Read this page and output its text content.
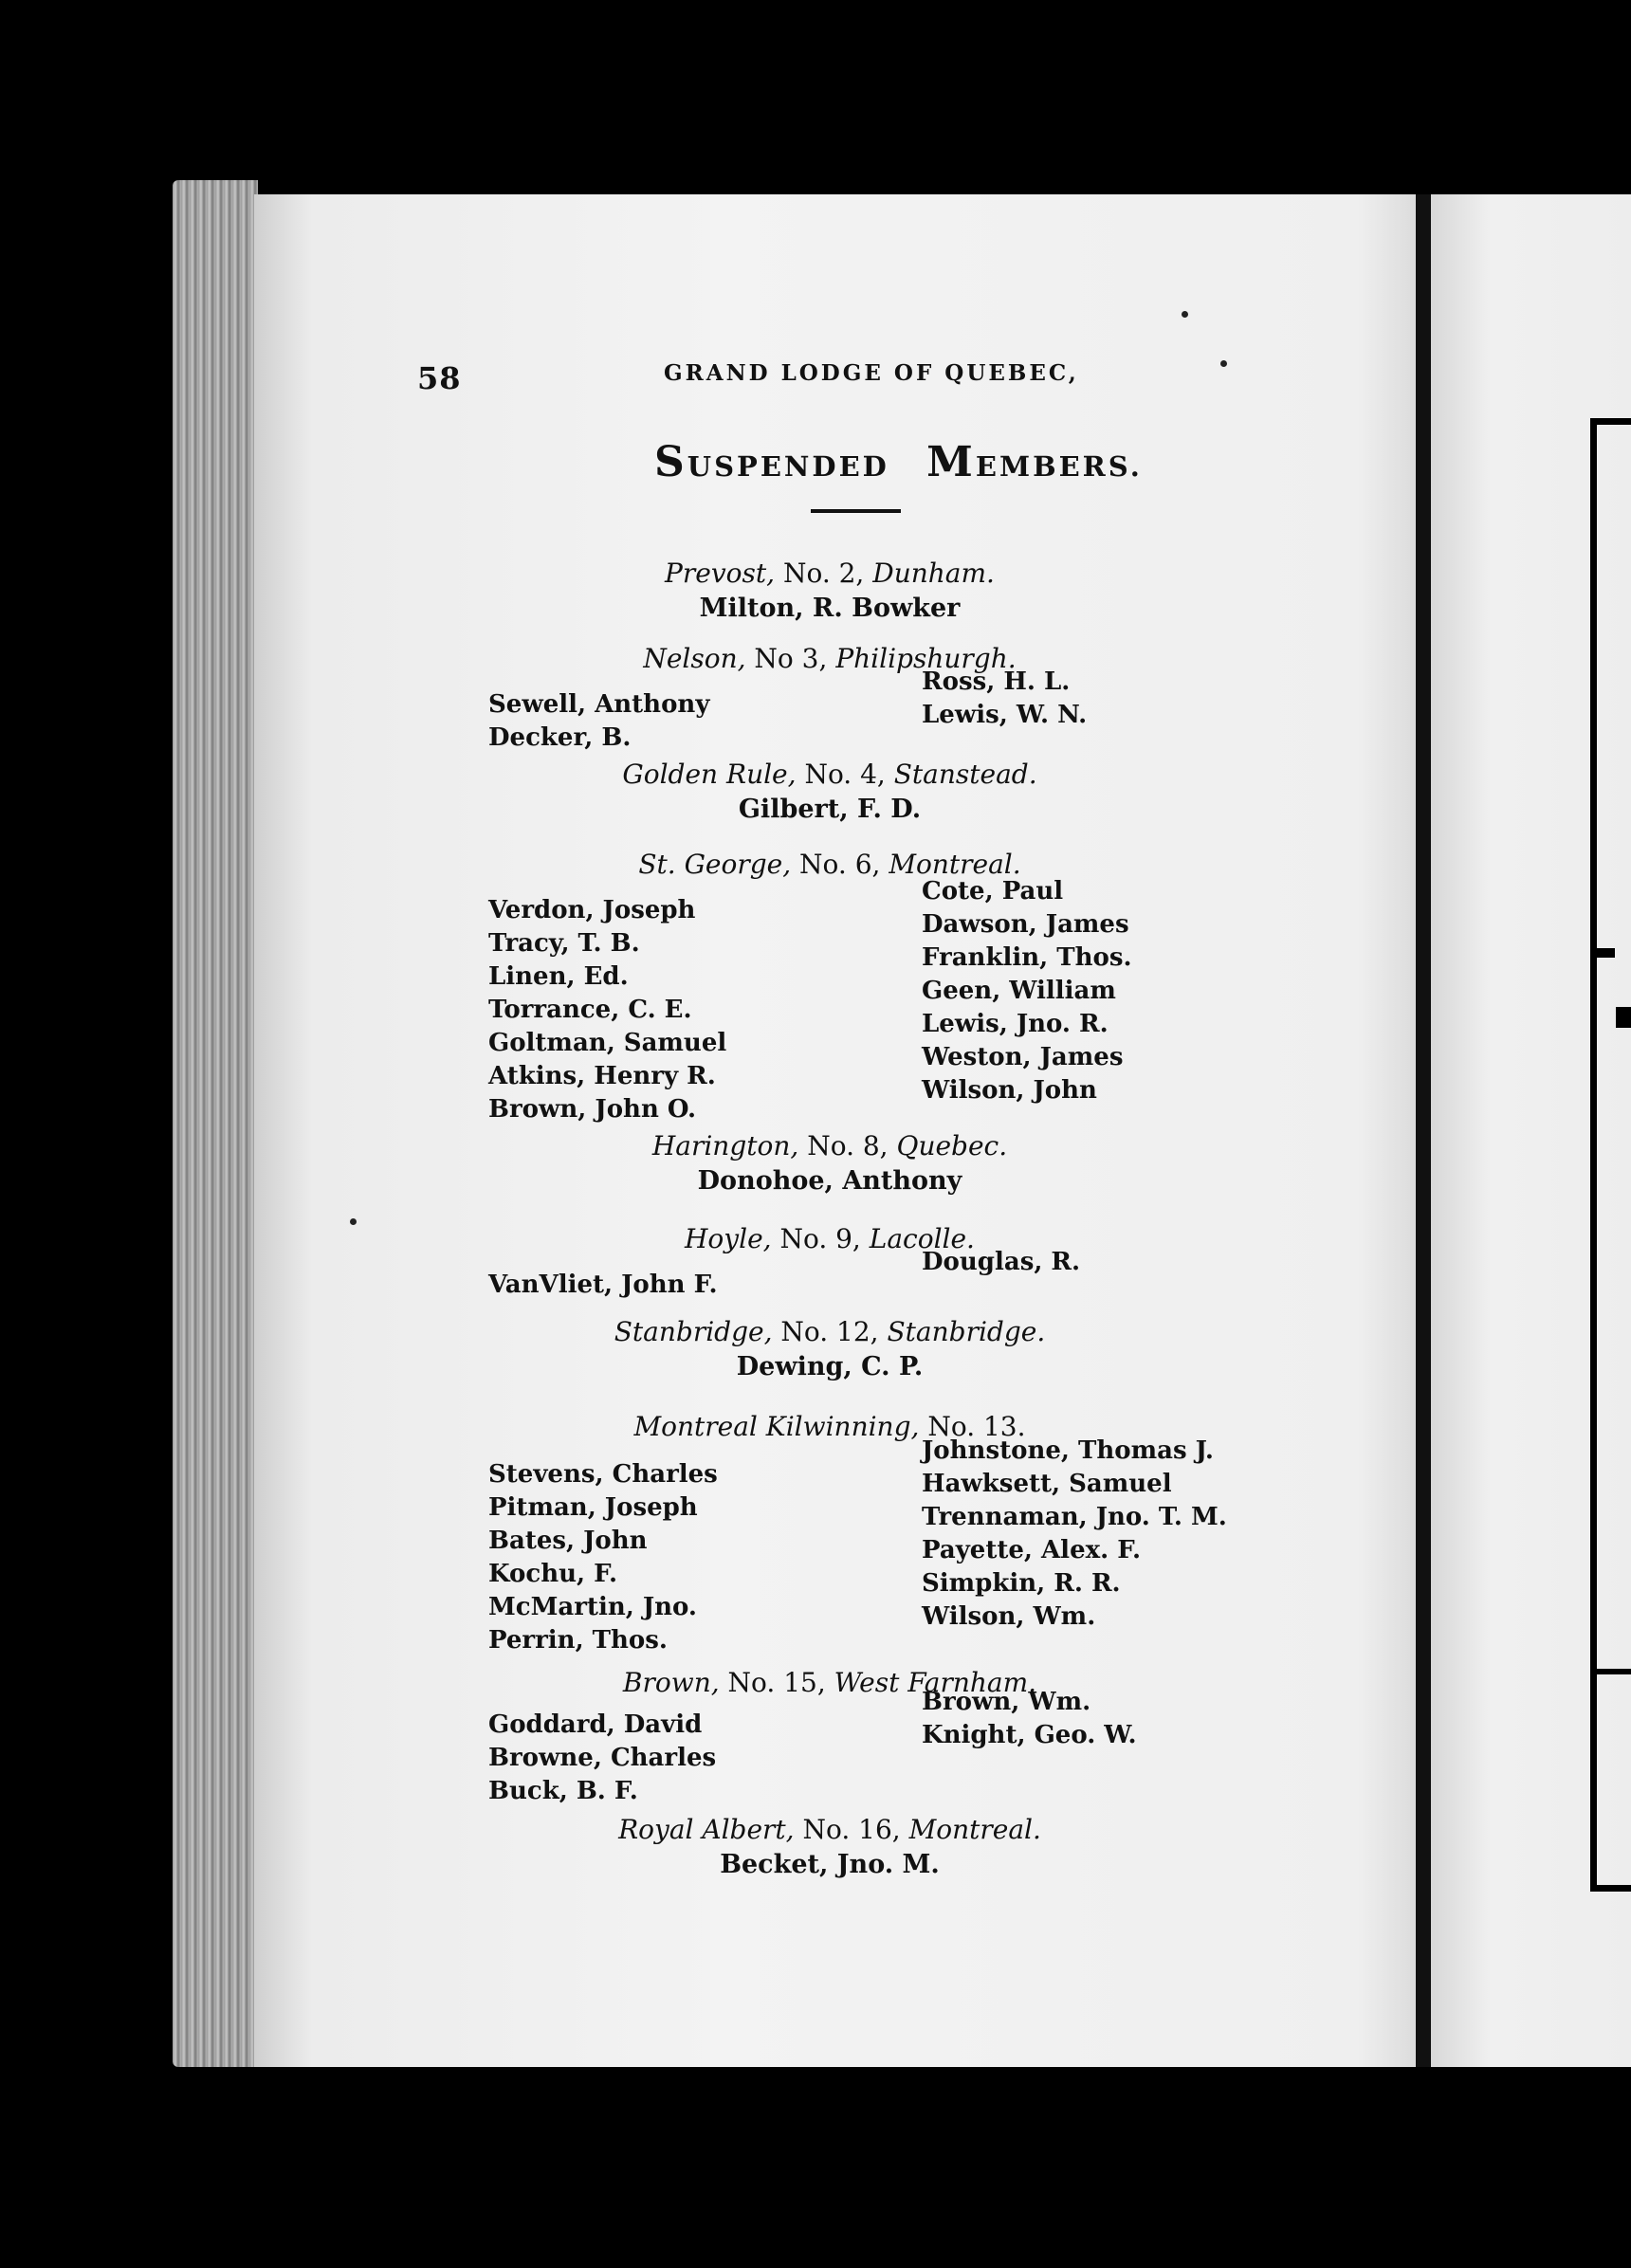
58	GRAND LODGE OF QUEBEC,
SUSPENDED MEMBERS.
Prevost, No. 2, Dunham.
Milton, R. Bowker
Nelson, No 3, Philipshurgh.
Sewell, Anthony
Decker, B.
Ross, H. L.
Lewis, W. N.
Golden Rule, No. 4, Stanstead.
Gilbert, F. D.
St. George, No. 6, Montreal.
Verdon, Joseph
Tracy, T. B.
Linen, Ed.
Torrance, C. E.
Goltman, Samuel
Atkins, Henry R.
Brown, John O.
Cote, Paul
Dawson, James
Franklin, Thos.
Geen, William
Lewis, Jno. R.
Weston, James
Wilson, John
Harington, No. 8, Quebec.
Donohoe, Anthony
Hoyle, No. 9, Lacolle.
VanVliet, John F.
Douglas, R.
Stanbridge, No. 12, Stanbridge.
Dewing, C. P.
Montreal Kilwinning, No. 13.
Stevens, Charles
Pitman, Joseph
Bates, John
Kochu, F.
McMartin, Jno.
Perrin, Thos.
Johnstone, Thomas J.
Hawksett, Samuel
Trennaman, Jno. T. M.
Payette, Alex. F.
Simpkin, R. R.
Wilson, Wm.
Brown, No. 15, West Farnham.
Goddard, David
Browne, Charles
Buck, B. F.
Brown, Wm.
Knight, Geo. W.
Royal Albert, No. 16, Montreal.
Becket, Jno. M.
